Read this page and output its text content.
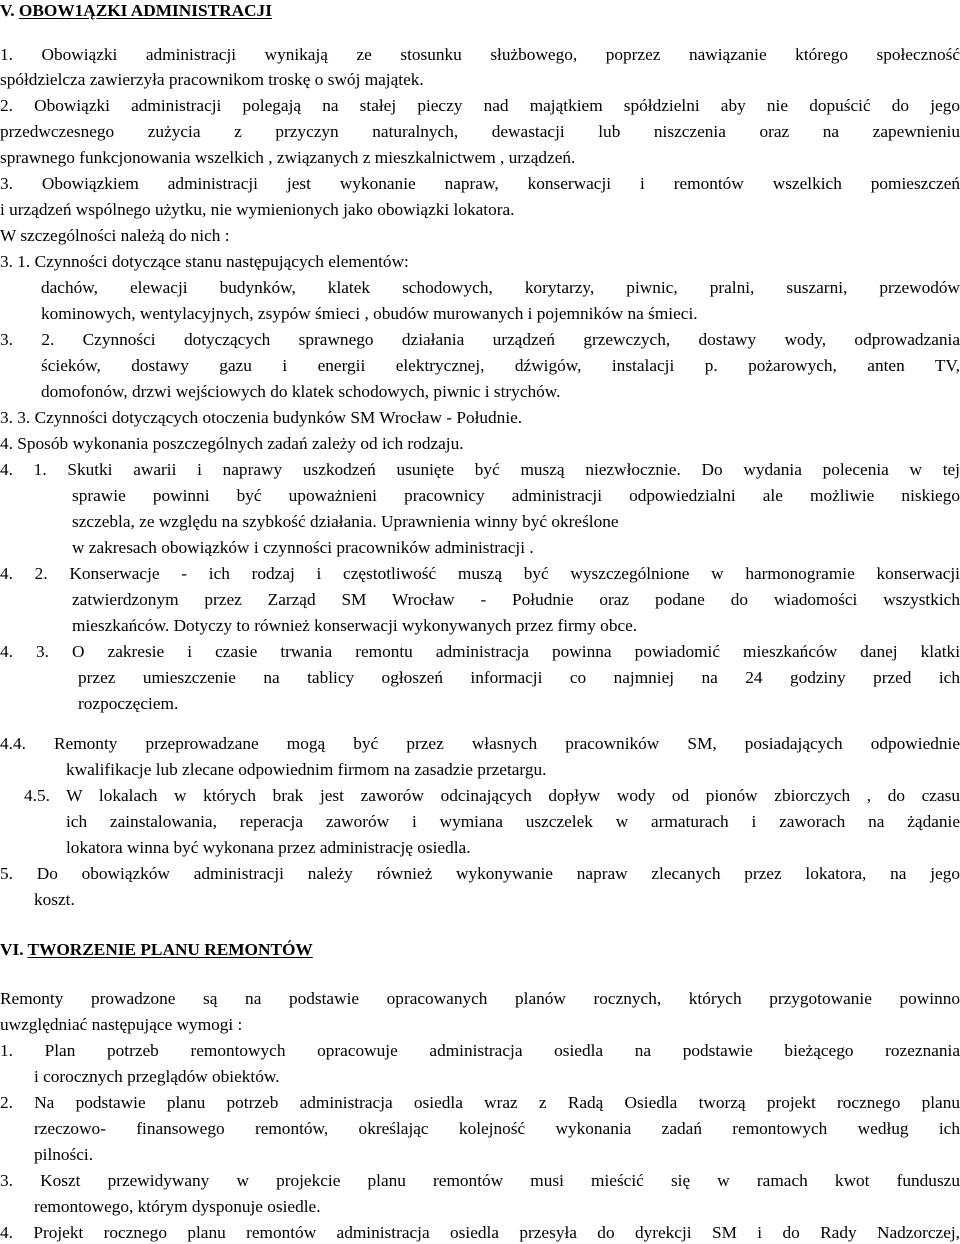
V. OBOW1ĄZKI ADMINISTRACJI
1. Obowiązki administracji wynikają ze stosunku służbowego, poprzez nawiązanie którego społeczność
spółdzielcza zawierzyła pracownikom troskę o swój majątek.
2. Obowiązki administracji polegają na stałej pieczy nad majątkiem spółdzielni aby nie dopuścić do jego
przedwczesnego zużycia z przyczyn naturalnych, dewastacji lub niszczenia oraz na zapewnieniu
sprawnego funkcjonowania wszelkich , związanych z mieszkalnictwem , urządzeń.
3. Obowiązkiem administracji jest wykonanie napraw, konserwacji i remontów wszelkich pomieszczeń
i urządzeń wspólnego użytku, nie wymienionych jako obowiązki lokatora.
W szczególności należą do nich :
3. 1. Czynności dotyczące stanu następujących elementów:
dachów, elewacji budynków, klatek schodowych, korytarzy, piwnic, pralni, suszarni, przewodów
kominowych, wentylacyjnych, zsypów śmieci , obudów murowanych i pojemników na śmieci.
3. 2. Czynności dotyczących sprawnego działania urządzeń grzewczych, dostawy wody, odprowadzania
ścieków, dostawy gazu i energii elektrycznej, dźwigów, instalacji p. pożarowych, anten TV,
domofonów, drzwi wejściowych do klatek schodowych, piwnic i strychów.
3. 3. Czynności dotyczących otoczenia budynków SM Wrocław - Południe.
4. Sposób wykonania poszczególnych zadań zależy od ich rodzaju.
4. 1. Skutki awarii i naprawy uszkodzeń usunięte być muszą niezwłocznie. Do wydania polecenia w tej
sprawie powinni być upoważnieni pracownicy administracji odpowiedzialni ale możliwie niskiego
szczebla, ze względu na szybkość działania. Uprawnienia winny być określone
w zakresach obowiązków i czynności pracowników administracji .
4. 2. Konserwacje - ich rodzaj i częstotliwość muszą być wyszczególnione w harmonogramie konserwacji
zatwierdzonym przez Zarząd SM Wrocław - Południe oraz podane do wiadomości wszystkich
mieszkańców. Dotyczy to również konserwacji wykonywanych przez firmy obce.
4. 3. O zakresie i czasie trwania remontu administracja powinna powiadomić mieszkańców danej klatki
przez umieszczenie na tablicy ogłoszeń informacji co najmniej na 24 godziny przed ich
rozpoczęciem.
4.4. Remonty przeprowadzane mogą być przez własnych pracowników SM, posiadających odpowiednie
kwalifikacje lub zlecane odpowiednim firmom na zasadzie przetargu.
4.5. W lokalach w których brak jest zaworów odcinających dopływ wody od pionów zbiorczych , do czasu
ich zainstalowania, reperacja zaworów i wymiana uszczelek w armaturach i zaworach na żądanie
lokatora winna być wykonana przez administrację osiedla.
5. Do obowiązków administracji należy również wykonywanie napraw zlecanych przez lokatora, na jego
koszt.
VI. TWORZENIE PLANU REMONTÓW
Remonty prowadzone są na podstawie opracowanych planów rocznych, których przygotowanie powinno
uwzględniać następujące wymogi :
1. Plan potrzeb remontowych opracowuje administracja osiedla na podstawie bieżącego rozeznania
i corocznych przeglądów obiektów.
2. Na podstawie planu potrzeb administracja osiedla wraz z Radą Osiedla tworzą projekt rocznego planu
rzeczowo- finansowego remontów, określając kolejność wykonania zadań remontowych według ich
pilności.
3. Koszt przewidywany w projekcie planu remontów musi mieścić się w ramach kwot funduszu
remontowego, którym dysponuje osiedle.
4. Projekt rocznego planu remontów administracja osiedla przesyła do dyrekcji SM i do Rady Nadzorczej,
